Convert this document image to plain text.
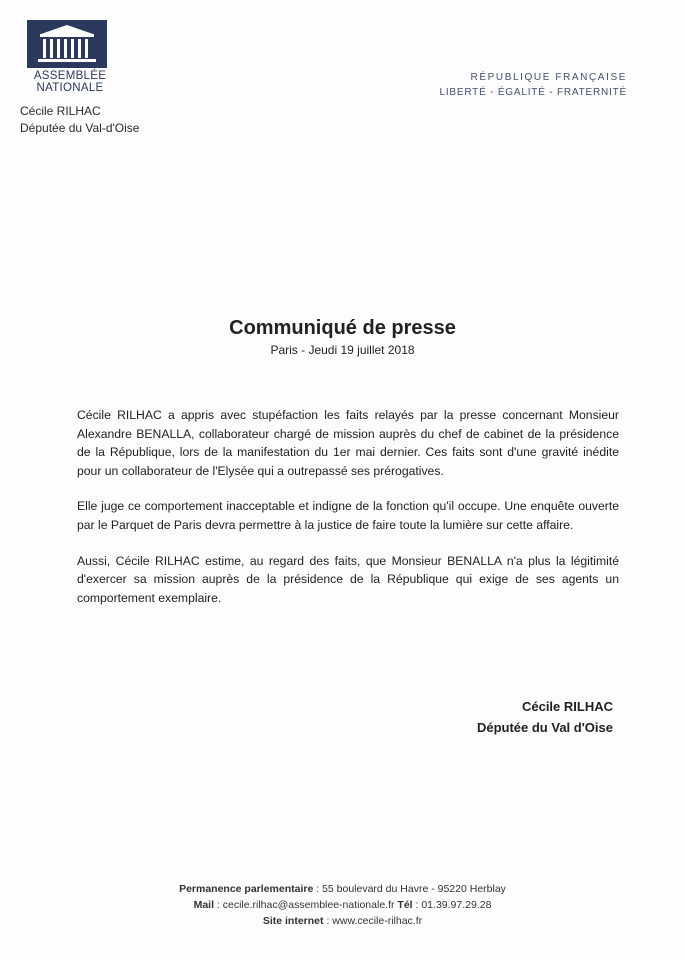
ASSEMBLÉE
NATIONALE
Cécile RILHAC
Députée du Val-d'Oise
RÉPUBLIQUE FRANÇAISE
LIBERTÉ - ÉGALITÉ - FRATERNITÉ
Communiqué de presse
Paris - Jeudi 19 juillet 2018

Cécile RILHAC a appris avec stupéfaction les faits relayés par la presse concernant Monsieur Alexandre BENALLA, collaborateur chargé de mission auprès du chef de cabinet de la présidence de la République, lors de la manifestation du 1er mai dernier. Ces faits sont d'une gravité inédite pour un collaborateur de l'Elysée qui a outrepassé ses prérogatives.

Elle juge ce comportement inacceptable et indigne de la fonction qu'il occupe. Une enquête ouverte par le Parquet de Paris devra permettre à la justice de faire toute la lumière sur cette affaire.

Aussi, Cécile RILHAC estime, au regard des faits, que Monsieur BENALLA n'a plus la légitimité d'exercer sa mission auprès de la présidence de la République qui exige de ses agents un comportement exemplaire.

Cécile RILHAC
Députée du Val d'Oise
Permanence parlementaire : 55 boulevard du Havre - 95220 Herblay
Mail : cecile.rilhac@assemblee-nationale.fr Tél : 01.39.97.29.28
Site internet : www.cecile-rilhac.fr
